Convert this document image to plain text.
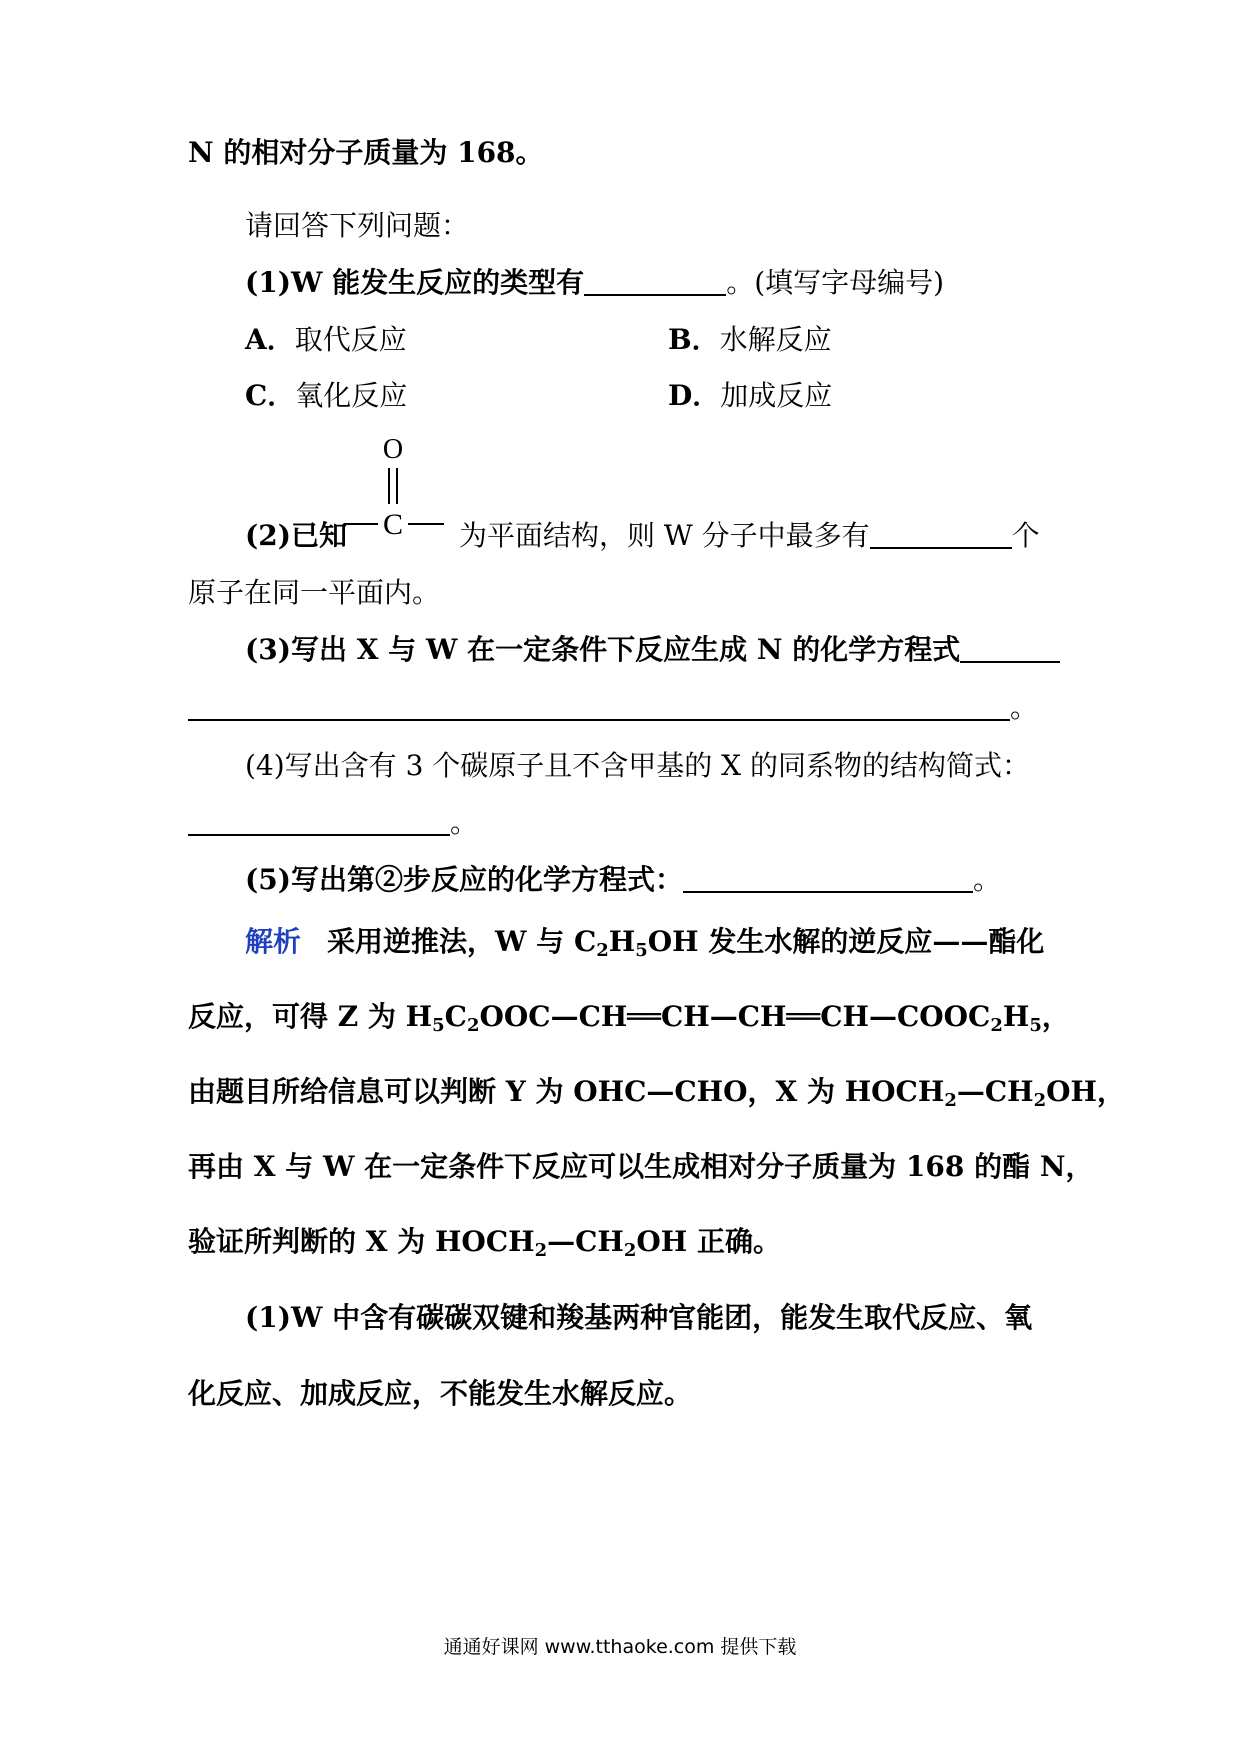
N 的相对分子质量为 168。
请回答下列问题：
(1)W 能发生反应的类型有	。(填写字母编号)
A．取代反应	B．水解反应
C．氧化反应	D．加成反应
O
C
(2)已知	为平面结构，则 W 分子中最多有	个
原子在同一平面内。
(3)写出 X 与 W 在一定条件下反应生成 N 的化学方程式
。
(4)写出含有 3 个碳原子且不含甲基的 X 的同系物的结构简式：
。
(5)写出第②步反应的化学方程式：	。
解析 采用逆推法，W 与 $C_2H_5OH$ 发生水解的逆反应——酯化
反应，可得 Z 为 $H_5C_2OOC—CH══CH—CH══CH—COOC_2H_5$，
由题目所给信息可以判断 Y 为 OHC—CHO，X 为 $HOCH_2—CH_2OH$，
再由 X 与 W 在一定条件下反应可以生成相对分子质量为 168 的酯 N，
验证所判断的 X 为 $HOCH_2—CH_2OH$ 正确。
(1)W 中含有碳碳双键和羧基两种官能团，能发生取代反应、氧
化反应、加成反应，不能发生水解反应。
通通好课网 www.tthaoke.com 提供下载
